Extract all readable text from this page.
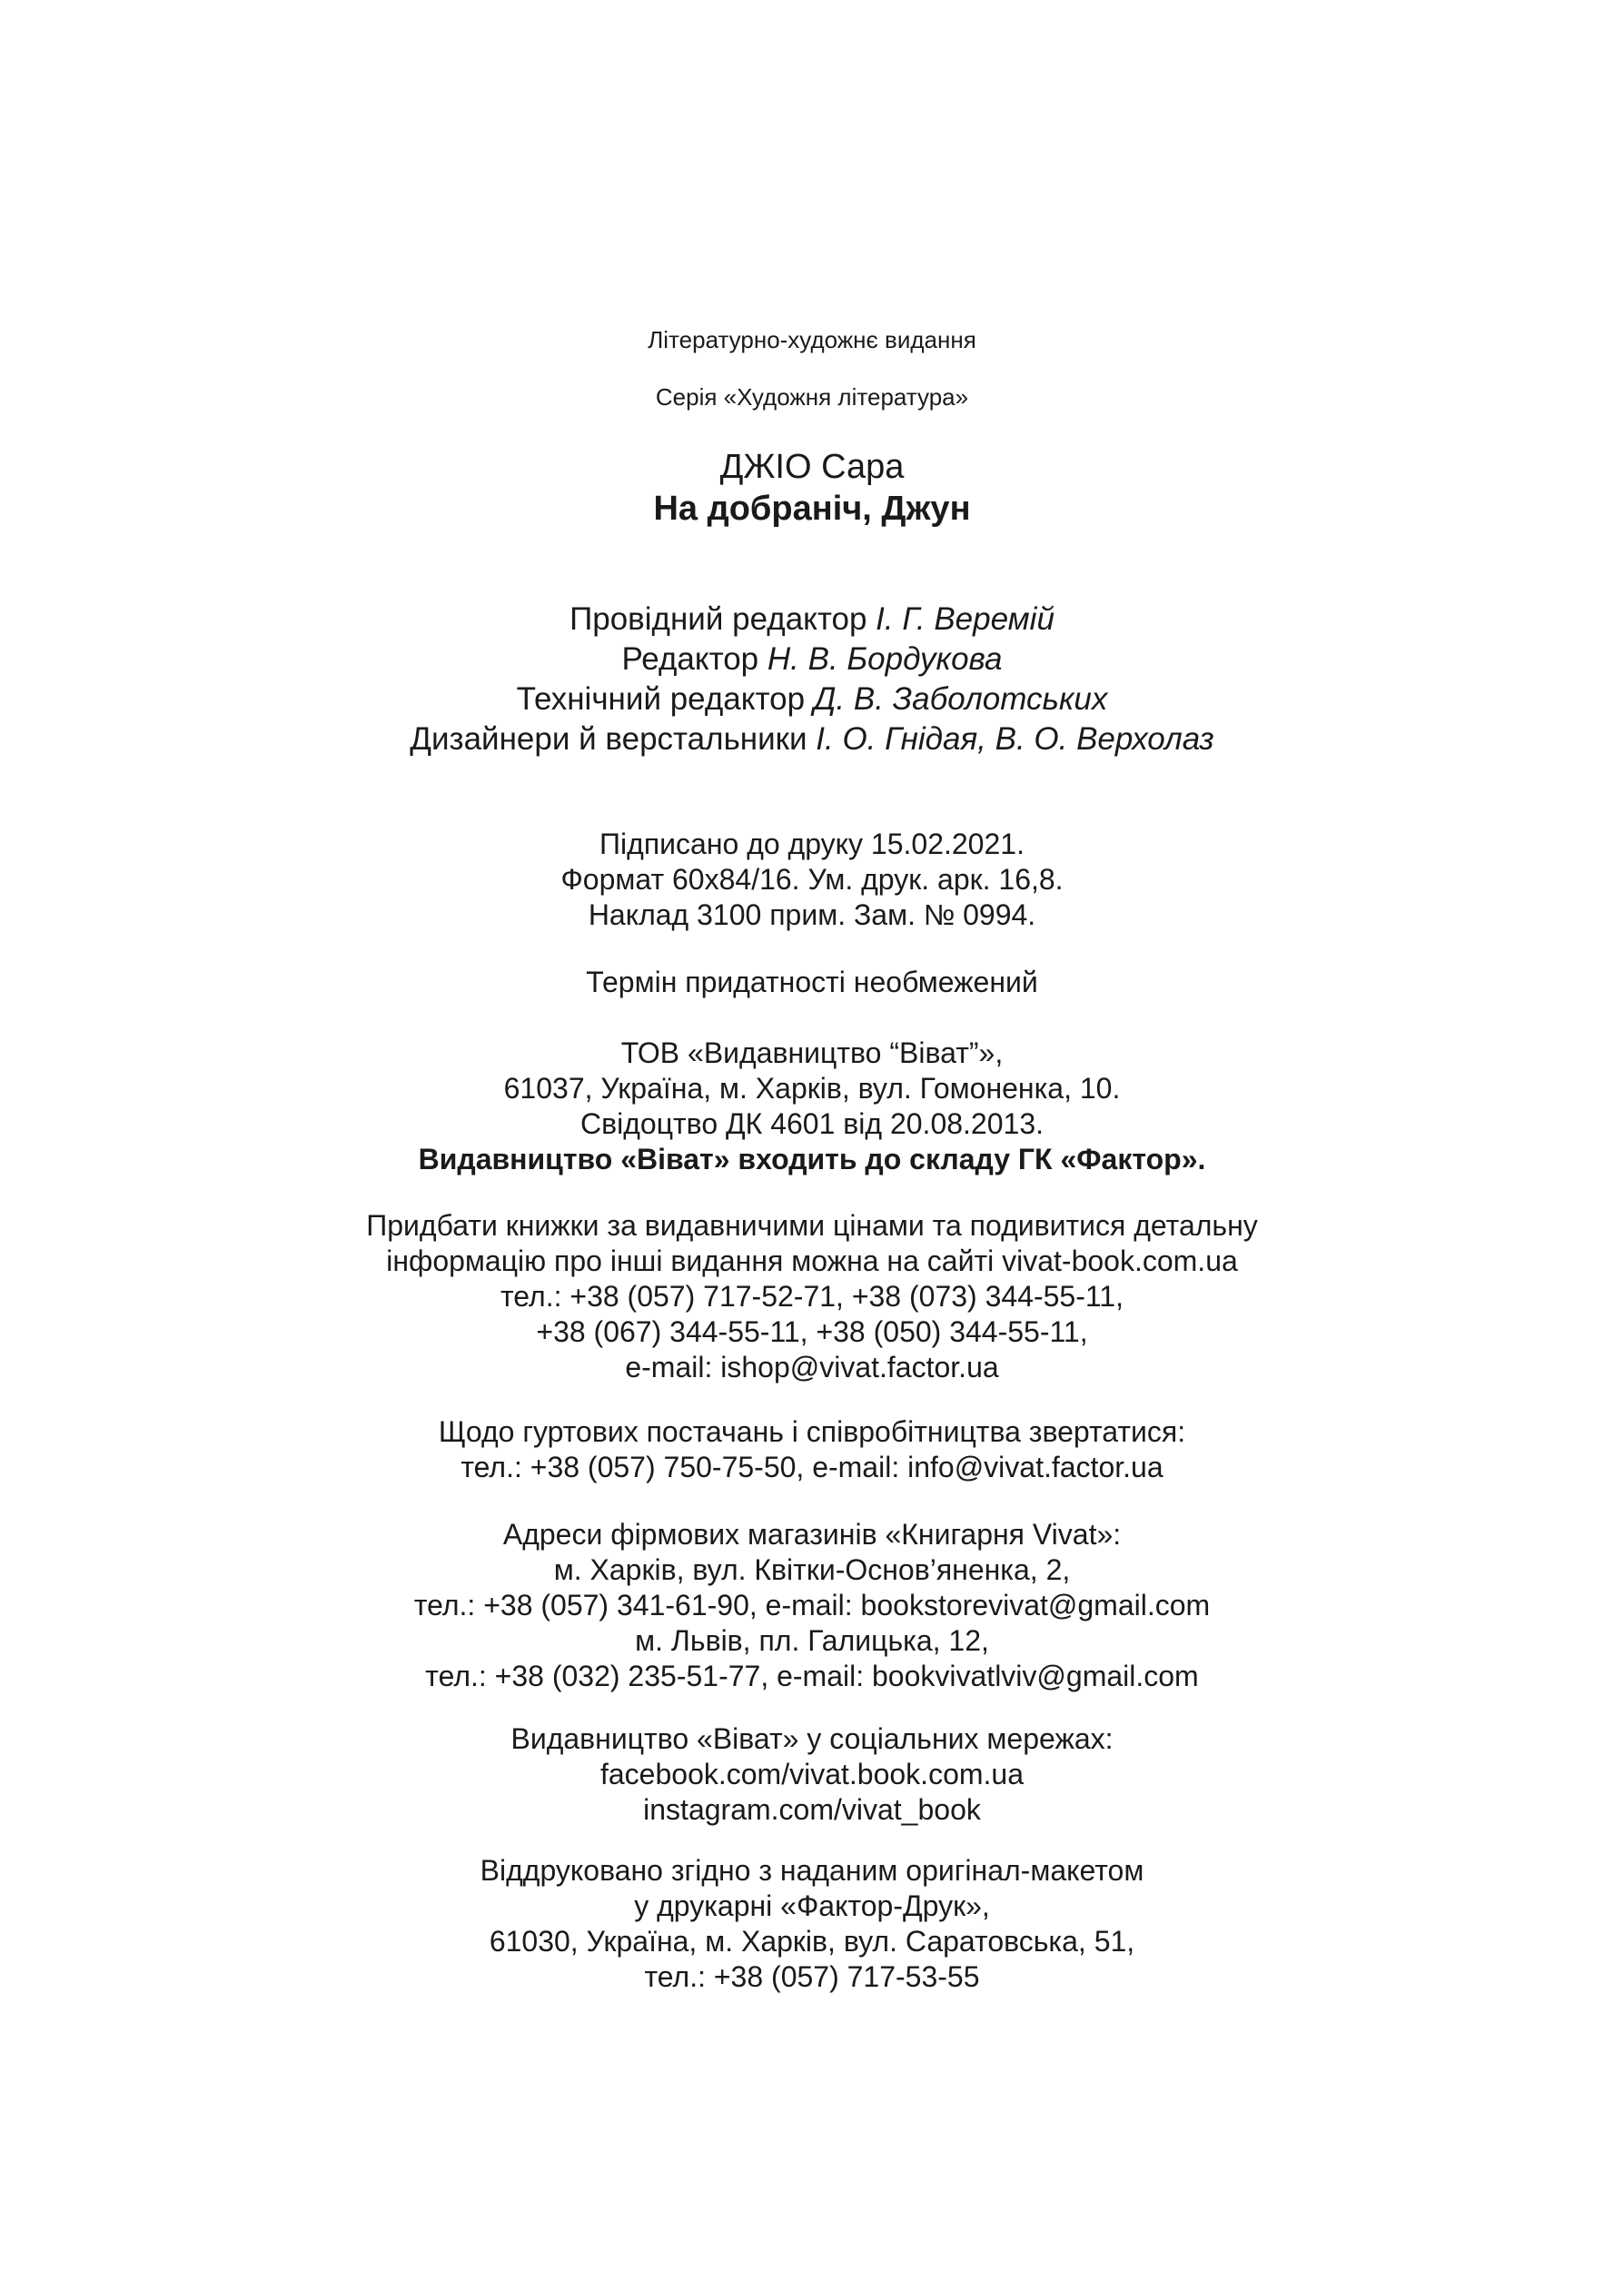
Літературно-художнє видання
Серія «Художня література»
ДЖІО Сара
На добраніч, Джун
Провідний редактор І. Г. Веремій
Редактор Н. В. Бордукова
Технічний редактор Д. В. Заболотських
Дизайнери й верстальники І. О. Гнідая, В. О. Верхолаз
Підписано до друку 15.02.2021.
Формат 60х84/16. Ум. друк. арк. 16,8.
Наклад 3100 прим. Зам. № 0994.
Термін придатності необмежений
ТОВ «Видавництво “Віват”»,
61037, Україна, м. Харків, вул. Гомоненка, 10.
Свідоцтво ДК 4601 від 20.08.2013.
Видавництво «Віват» входить до складу ГК «Фактор».
Придбати книжки за видавничими цінами та подивитися детальну
інформацію про інші видання можна на сайті vivat-book.com.ua
тел.: +38 (057) 717-52-71, +38 (073) 344-55-11,
+38 (067) 344-55-11, +38 (050) 344-55-11,
e-mail: ishop@vivat.factor.ua
Щодо гуртових постачань і співробітництва звертатися:
тел.: +38 (057) 750-75-50, e-mail: info@vivat.factor.ua
Адреси фірмових магазинів «Книгарня Vivat»:
м. Харків, вул. Квітки-Основ’яненка, 2,
тел.: +38 (057) 341-61-90, e-mail: bookstorevivat@gmail.com
м. Львів, пл. Галицька, 12,
тел.: +38 (032) 235-51-77, e-mail: bookvivatlviv@gmail.com
Видавництво «Віват» у соціальних мережах:
facebook.com/vivat.book.com.ua
instagram.com/vivat_book
Віддруковано згідно з наданим оригінал-макетом
у друкарні «Фактор-Друк»,
61030, Україна, м. Харків, вул. Саратовська, 51,
тел.: +38 (057) 717-53-55
